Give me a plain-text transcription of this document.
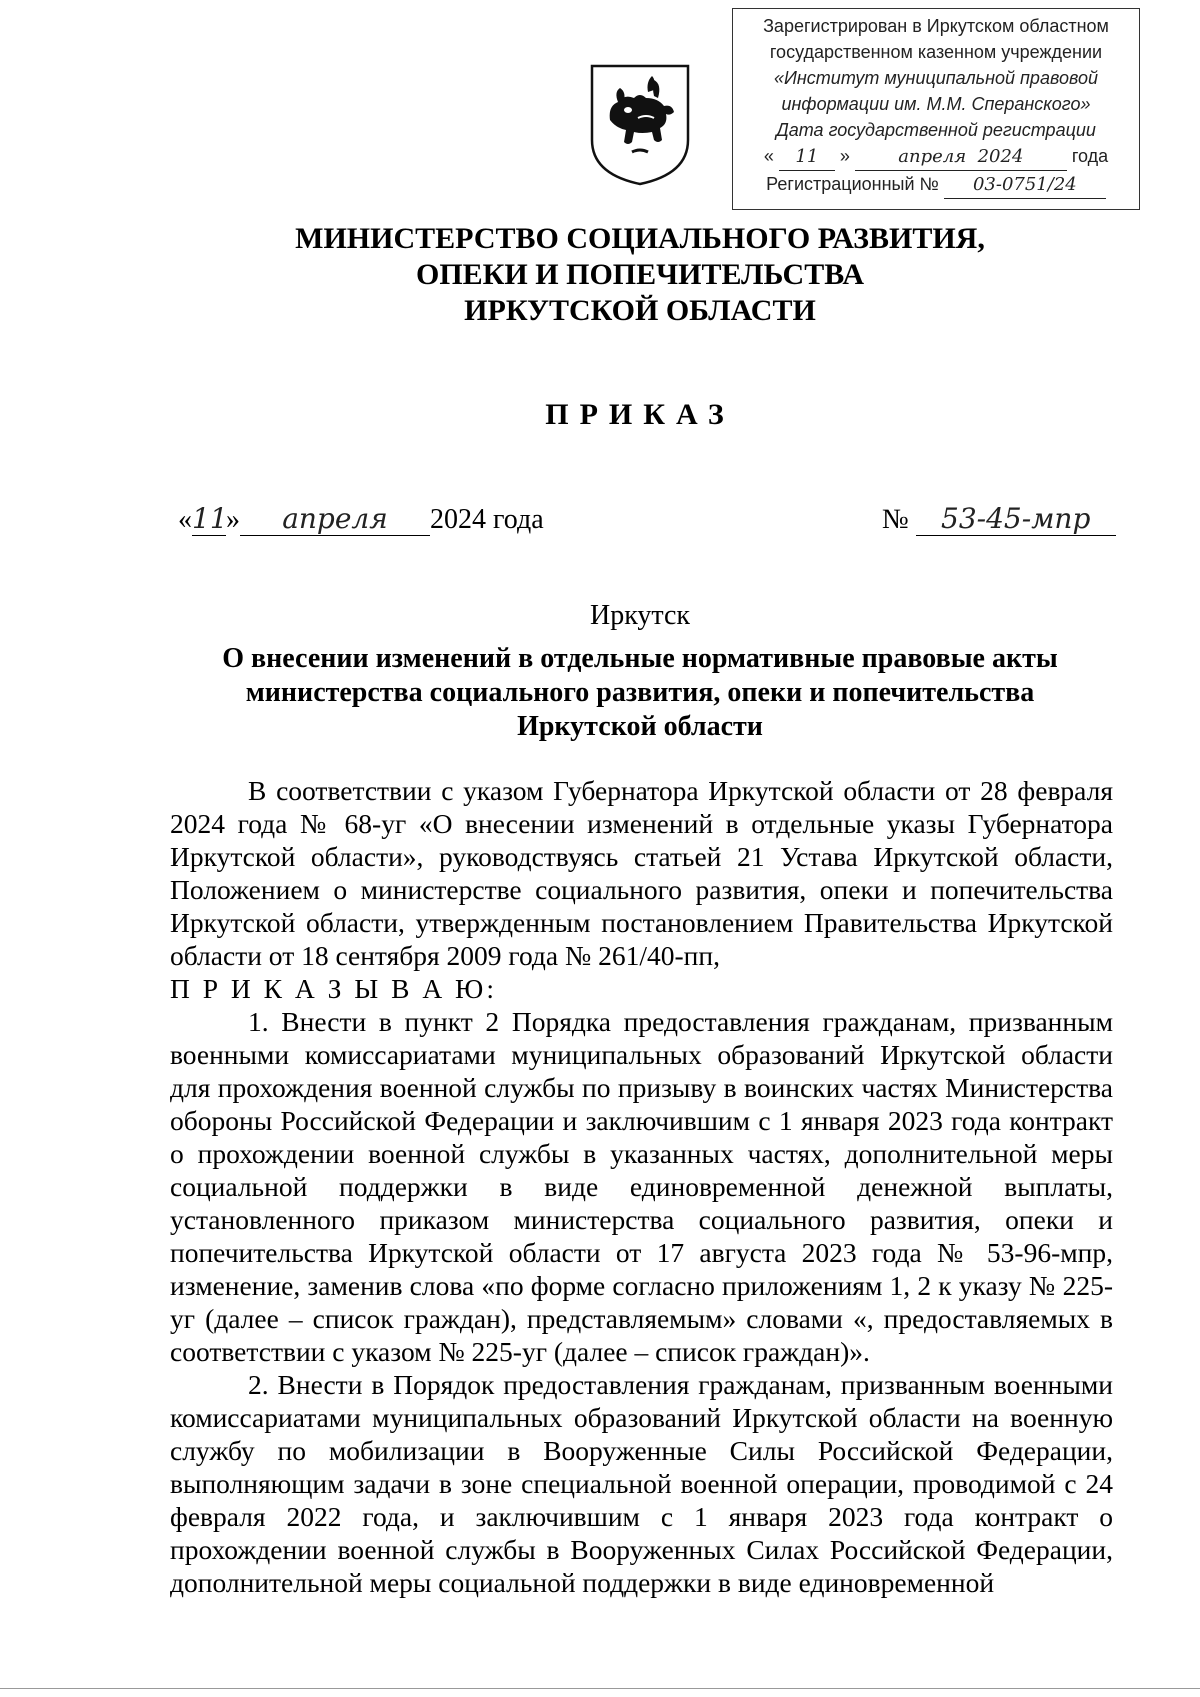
Зарегистрирован в Иркутском областном
государственном казенном учреждении
«Институт муниципальной правовой
информации им. М.М. Сперанского»
Дата государственной регистрации
« 11 » апреля 2024	года
Регистрационный № 03-0751/24
МИНИСТЕРСТВО СОЦИАЛЬНОГО РАЗВИТИЯ,
ОПЕКИ И ПОПЕЧИТЕЛЬСТВА
ИРКУТСКОЙ ОБЛАСТИ
ПРИКАЗ
«11» апреля 2024 года	№ 53-45-мпр
Иркутск
О внесении изменений в отдельные нормативные правовые акты
министерства социального развития, опеки и попечительства
Иркутской области

В соответствии с указом Губернатора Иркутской области от 28 февраля 2024 года № 68-уг «О внесении изменений в отдельные указы Губернатора Иркутской области», руководствуясь статьей 21 Устава Иркутской области, Положением о министерстве социального развития, опеки и попечительства Иркутской области, утвержденным постановлением Правительства Иркутской области от 18 сентября 2009 года № 261/40-пп,

П Р И К А З Ы В А Ю:

1. Внести в пункт 2 Порядка предоставления гражданам, призванным военными комиссариатами муниципальных образований Иркутской области для прохождения военной службы по призыву в воинских частях Министерства обороны Российской Федерации и заключившим с 1 января 2023 года контракт о прохождении военной службы в указанных частях, дополнительной меры социальной поддержки в виде единовременной денежной выплаты, установленного приказом министерства социального развития, опеки и попечительства Иркутской области от 17 августа 2023 года № 53-96-мпр, изменение, заменив слова «по форме согласно приложениям 1, 2 к указу № 225-уг (далее – список граждан), представляемым» словами «, предоставляемых в соответствии с указом № 225-уг (далее – список граждан)».

2. Внести в Порядок предоставления гражданам, призванным военными комиссариатами муниципальных образований Иркутской области на военную службу по мобилизации в Вооруженные Силы Российской Федерации, выполняющим задачи в зоне специальной военной операции, проводимой с 24 февраля 2022 года, и заключившим с 1 января 2023 года контракт о прохождении военной службы в Вооруженных Силах Российской Федерации, дополнительной меры социальной поддержки в виде единовременной
